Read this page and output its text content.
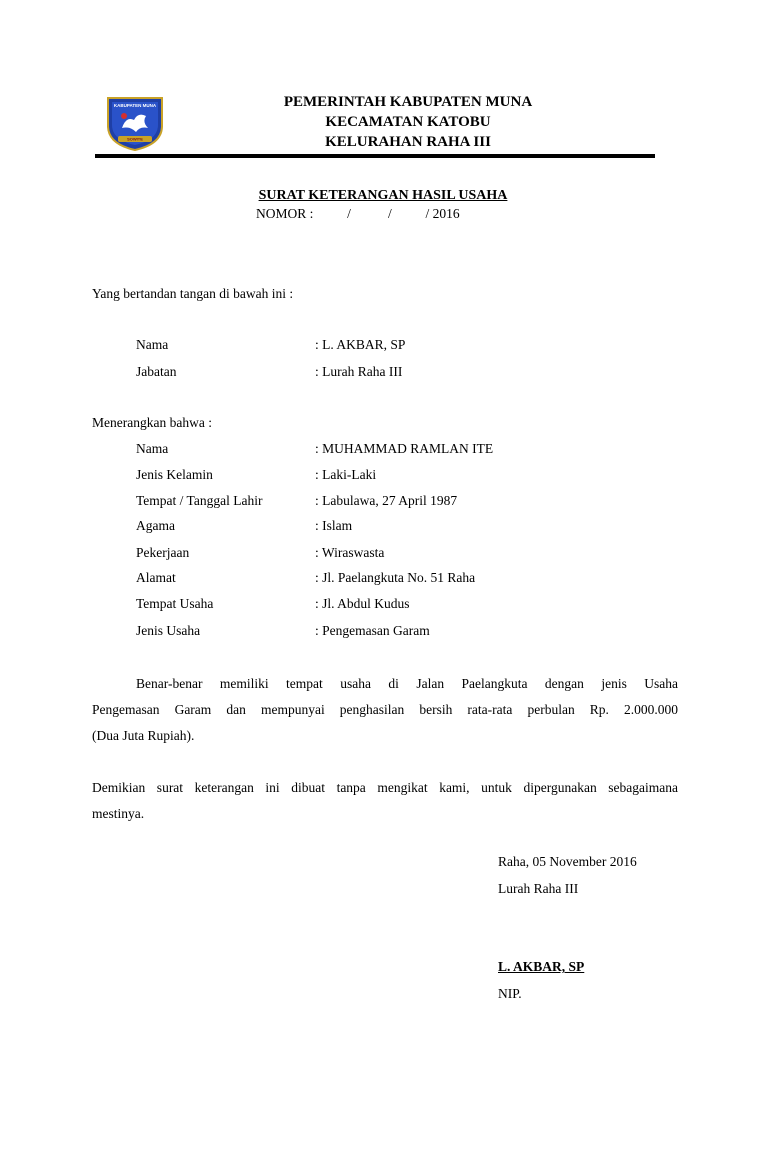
KABUPATEN MUNA
SOWITE
PEMERINTAH KABUPATEN MUNA
KECAMATAN KATOBU
KELURAHAN RAHA III
SURAT KETERANGAN HASIL USAHA
NOMOR :          /           /          / 2016
Yang bertandan tangan di bawah ini :
Nama	: L. AKBAR, SP
Jabatan	: Lurah Raha III
Menerangkan bahwa :
Nama	: MUHAMMAD RAMLAN ITE
Jenis Kelamin	: Laki-Laki
Tempat / Tanggal Lahir	: Labulawa, 27 April 1987
Agama	: Islam
Pekerjaan	: Wiraswasta
Alamat	: Jl. Paelangkuta No. 51 Raha
Tempat Usaha	: Jl. Abdul Kudus
Jenis Usaha	: Pengemasan Garam
Benar-benar memiliki tempat usaha di Jalan Paelangkuta dengan jenis Usaha
Pengemasan Garam dan mempunyai penghasilan bersih rata-rata perbulan Rp. 2.000.000
(Dua Juta Rupiah).
Demikian surat keterangan ini dibuat tanpa mengikat kami, untuk dipergunakan sebagaimana
mestinya.
Raha, 05 November 2016
Lurah Raha III
L. AKBAR, SP
NIP.
